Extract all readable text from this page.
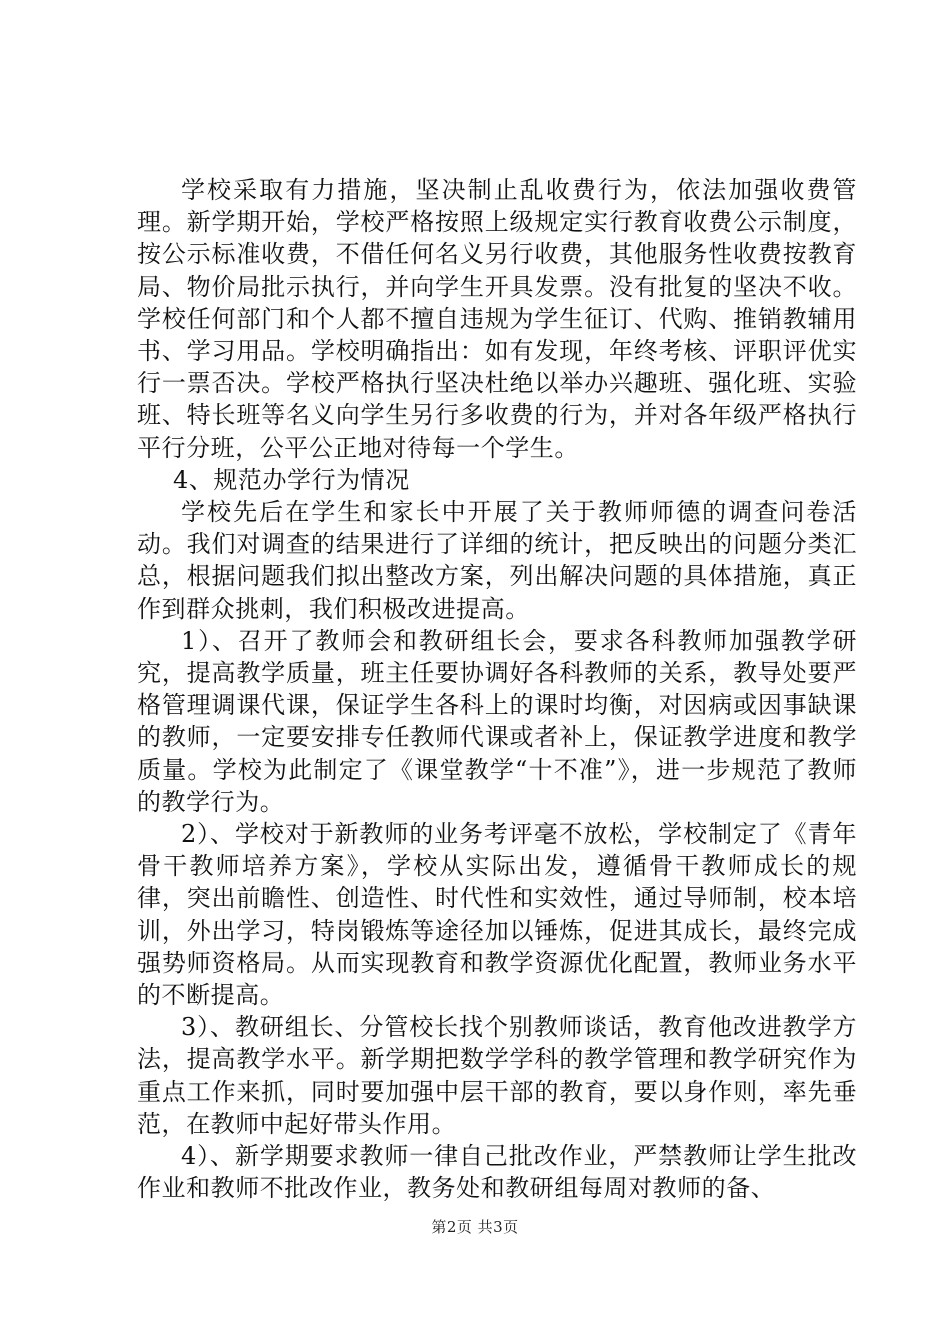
学校采取有力措施，坚决制止乱收费行为，依法加强收费管理。新学期开始，学校严格按照上级规定实行教育收费公示制度，按公示标准收费，不借任何名义另行收费，其他服务性收费按教育局、物价局批示执行，并向学生开具发票。没有批复的坚决不收。学校任何部门和个人都不擅自违规为学生征订、代购、推销教辅用书、学习用品。学校明确指出：如有发现，年终考核、评职评优实行一票否决。学校严格执行坚决杜绝以举办兴趣班、强化班、实验班、特长班等名义向学生另行多收费的行为，并对各年级严格执行平行分班，公平公正地对待每一个学生。

4、规范办学行为情况

学校先后在学生和家长中开展了关于教师师德的调查问卷活动。我们对调查的结果进行了详细的统计，把反映出的问题分类汇总，根据问题我们拟出整改方案，列出解决问题的具体措施，真正作到群众挑刺，我们积极改进提高。

1）、召开了教师会和教研组长会，要求各科教师加强教学研究，提高教学质量，班主任要协调好各科教师的关系，教导处要严格管理调课代课，保证学生各科上的课时均衡，对因病或因事缺课的教师，一定要安排专任教师代课或者补上，保证教学进度和教学质量。学校为此制定了《课堂教学“十不准”》，进一步规范了教师的教学行为。

2）、学校对于新教师的业务考评毫不放松，学校制定了《青年骨干教师培养方案》，学校从实际出发，遵循骨干教师成长的规律，突出前瞻性、创造性、时代性和实效性，通过导师制，校本培训，外出学习，特岗锻炼等途径加以锤炼，促进其成长，最终完成强势师资格局。从而实现教育和教学资源优化配置，教师业务水平的不断提高。

3）、教研组长、分管校长找个别教师谈话，教育他改进教学方法，提高教学水平。新学期把数学学科的教学管理和教学研究作为重点工作来抓，同时要加强中层干部的教育，要以身作则，率先垂范，在教师中起好带头作用。

4）、新学期要求教师一律自己批改作业，严禁教师让学生批改作业和教师不批改作业，教务处和教研组每周对教师的备、

第2页 共3页
